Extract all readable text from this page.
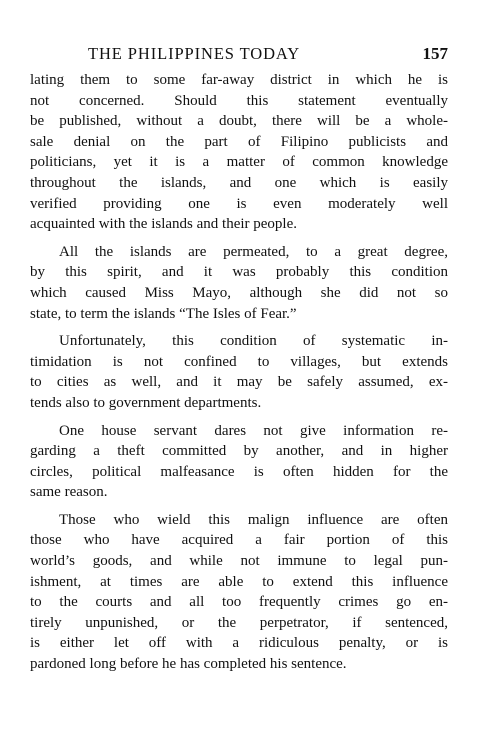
THE PHILIPPINES TODAY	157
lating them to some far-away district in which he is
not concerned. Should this statement eventually
be published, without a doubt, there will be a whole-
sale denial on the part of Filipino publicists and
politicians, yet it is a matter of common knowledge
throughout the islands, and one which is easily
verified providing one is even moderately well
acquainted with the islands and their people.
All the islands are permeated, to a great degree,
by this spirit, and it was probably this condition
which caused Miss Mayo, although she did not so
state, to term the islands “The Isles of Fear.”
Unfortunately, this condition of systematic in-
timidation is not confined to villages, but extends
to cities as well, and it may be safely assumed, ex-
tends also to government departments.
One house servant dares not give information re-
garding a theft committed by another, and in higher
circles, political malfeasance is often hidden for the
same reason.
Those who wield this malign influence are often
those who have acquired a fair portion of this
world’s goods, and while not immune to legal pun-
ishment, at times are able to extend this influence
to the courts and all too frequently crimes go en-
tirely unpunished, or the perpetrator, if sentenced,
is either let off with a ridiculous penalty, or is
pardoned long before he has completed his sentence.
